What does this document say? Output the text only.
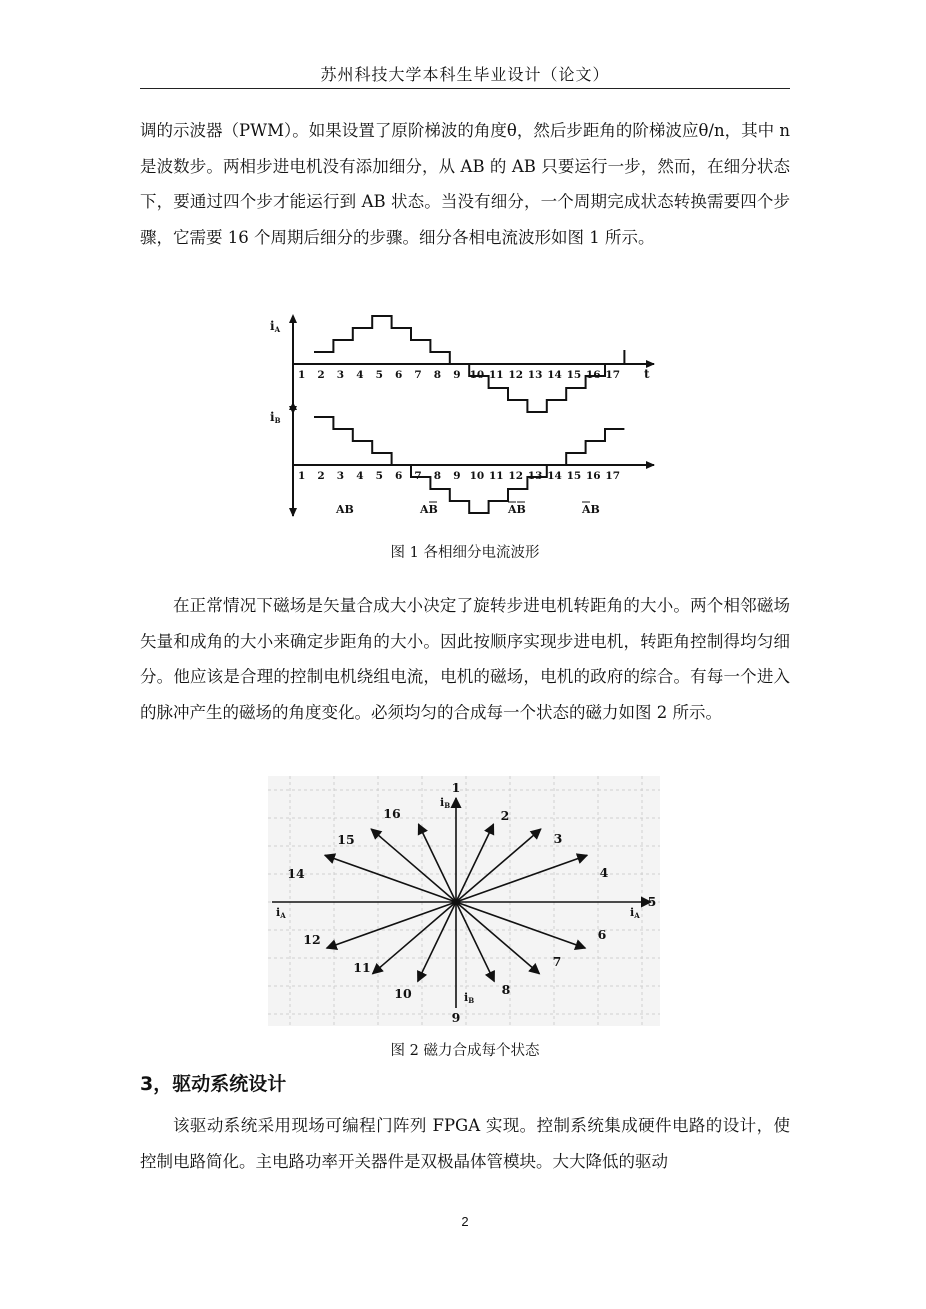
苏州科技大学本科生毕业设计（论文）

调的示波器（PWM）。如果设置了原阶梯波的角度θ，然后步距角的阶梯波应θ/n，其中 n 是波数步。两相步进电机没有添加细分，从 AB 的 AB 只要运行一步，然而，在细分状态下，要通过四个步才能运行到 AB 状态。当没有细分，一个周期完成状态转换需要四个步骤，它需要 16 个周期后细分的步骤。细分各相电流波形如图 1 所示。

1 2 3 4 5 6 7 8 9 10 11 12 13 14 15 16 17
1 2 3 4 5 6 7 8 9 10 11 12 13 14 15 16 17
t
iA
iB
AB	AB	AB	AB
图 1 各相细分电流波形

在正常情况下磁场是矢量合成大小决定了旋转步进电机转距角的大小。两个相邻磁场矢量和成角的大小来确定步距角的大小。因此按顺序实现步进电机，转距角控制得均匀细分。他应该是合理的控制电机绕组电流，电机的磁场，电机的政府的综合。有每一个进入的脉冲产生的磁场的角度变化。必须均匀的合成每一个状态的磁力如图 2 所示。

1
2
3
4
5
6
7
8
9
10
11
12
14
15
16
iB
iB
iA
iA
图 2 磁力合成每个状态
3，驱动系统设计

该驱动系统采用现场可编程门阵列 FPGA 实现。控制系统集成硬件电路的设计，使控制电路简化。主电路功率开关器件是双极晶体管模块。大大降低的驱动

2
